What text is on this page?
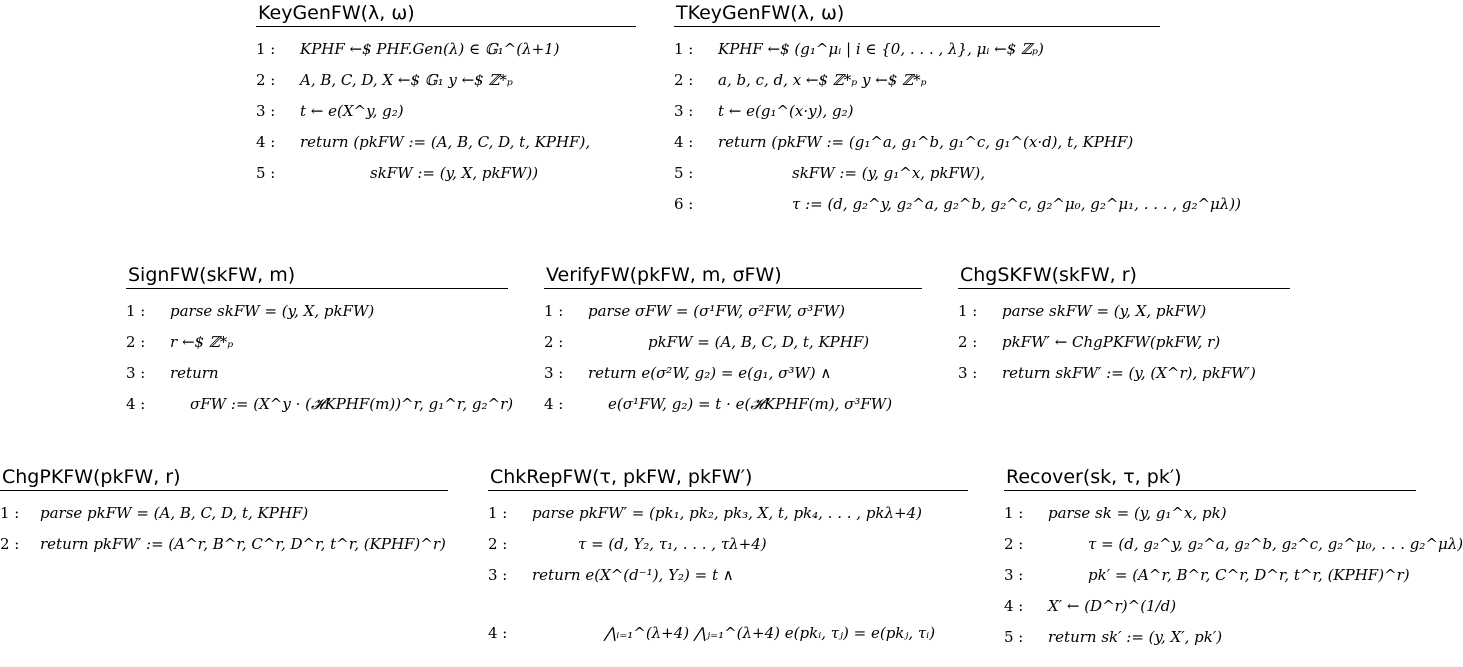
KeyGenFW(λ, ω)
1 :	KPHF ←$ PHF.Gen(λ) ∈ 𝔾₁^(λ+1)
2 :	A, B, C, D, X ←$ 𝔾₁ y ←$ ℤ*ₚ
3 :	t ← e(X^y, g₂)
4 :	return (pkFW := (A, B, C, D, t, KPHF),
5 :	skFW := (y, X, pkFW))
TKeyGenFW(λ, ω)
1 :	KPHF ←$ (g₁^μᵢ | i ∈ {0, . . . , λ}, μᵢ ←$ ℤₚ)
2 :	a, b, c, d, x ←$ ℤ*ₚ y ←$ ℤ*ₚ
3 :	t ← e(g₁^(x·y), g₂)
4 :	return (pkFW := (g₁^a, g₁^b, g₁^c, g₁^(x·d), t, KPHF)
5 :	skFW := (y, g₁^x, pkFW),
6 :	τ := (d, g₂^y, g₂^a, g₂^b, g₂^c, g₂^μ₀, g₂^μ₁, . . . , g₂^μλ))
SignFW(skFW, m)
1 :	parse skFW = (y, X, pkFW)
2 :	r ←$ ℤ*ₚ
3 :	return
4 :	σFW := (X^y · (𝓗KPHF(m))^r, g₁^r, g₂^r)
VerifyFW(pkFW, m, σFW)
1 :	parse σFW = (σ¹FW, σ²FW, σ³FW)
2 :	pkFW = (A, B, C, D, t, KPHF)
3 :	return e(σ²W, g₂) = e(g₁, σ³W) ∧
4 :	e(σ¹FW, g₂) = t · e(𝓗KPHF(m), σ³FW)
ChgSKFW(skFW, r)
1 :	parse skFW = (y, X, pkFW)
2 :	pkFW′ ← ChgPKFW(pkFW, r)
3 :	return skFW′ := (y, (X^r), pkFW′)
ChgPKFW(pkFW, r)
1 :	parse pkFW = (A, B, C, D, t, KPHF)
2 :	return pkFW′ := (A^r, B^r, C^r, D^r, t^r, (KPHF)^r)
ChkRepFW(τ, pkFW, pkFW′)
1 :	parse pkFW′ = (pk₁, pk₂, pk₃, X, t, pk₄, . . . , pkλ+4)
2 :	τ = (d, Y₂, τ₁, . . . , τλ+4)
3 :	return e(X^(d⁻¹), Y₂) = t ∧
4 :	⋀ᵢ₌₁^(λ+4) ⋀ⱼ₌₁^(λ+4) e(pkᵢ, τⱼ) = e(pkⱼ, τᵢ)
Recover(sk, τ, pk′)
1 :	parse sk = (y, g₁^x, pk)
2 :	τ = (d, g₂^y, g₂^a, g₂^b, g₂^c, g₂^μ₀, . . . g₂^μλ)
3 :	pk′ = (A^r, B^r, C^r, D^r, t^r, (KPHF)^r)
4 :	X′ ← (D^r)^(1/d)
5 :	return sk′ := (y, X′, pk′)
